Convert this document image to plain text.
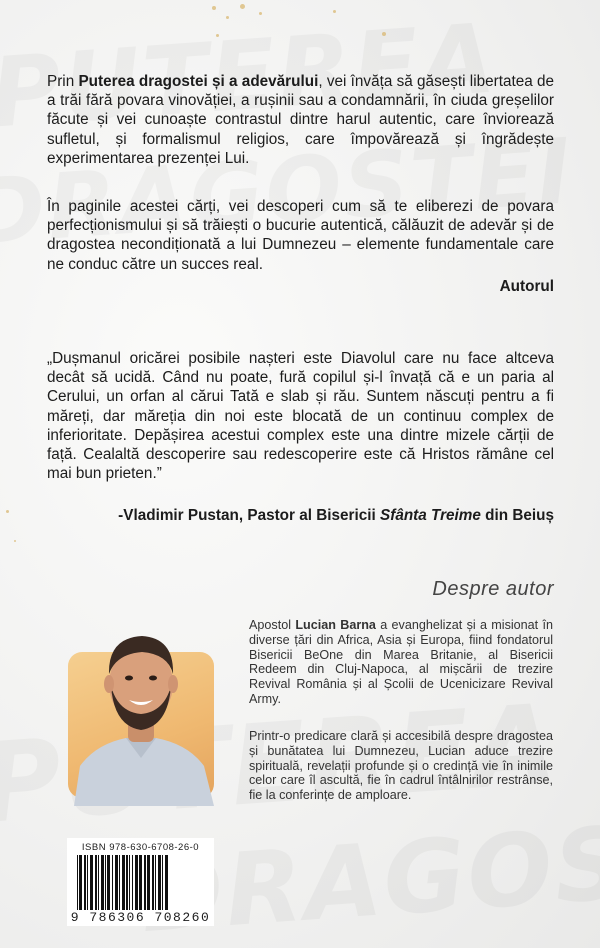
Prin Puterea dragostei și a adevărului, vei învăța să găsești libertatea de a trăi fără povara vinovăției, a rușinii sau a condamnării, în ciuda greșelilor făcute și vei cunoaște contrastul dintre harul autentic, care înviorează sufletul, și formalismul religios, care împovărează și îngrădește experimentarea prezenței Lui.

În paginile acestei cărți, vei descoperi cum să te eliberezi de povara perfecționismului și să trăiești o bucurie autentică, călăuzit de adevăr și de dragostea necondiționată a lui Dumnezeu – elemente fundamentale care ne conduc către un succes real.

Autorul

„Dușmanul oricărei posibile nașteri este Diavolul care nu face altceva decât să ucidă. Când nu poate, fură copilul și-l învață că e un paria al Cerului, un orfan al cărui Tată e slab și rău. Suntem născuți pentru a fi măreți, dar măreția din noi este blocată de un continuu complex de inferioritate. Depășirea acestui complex este una dintre mizele cărții de față. Cealaltă descoperire sau redescoperire este că Hristos rămâne cel mai bun prieten.”

-Vladimir Pustan, Pastor al Bisericii Sfânta Treime din Beiuș

Despre autor

Apostol Lucian Barna a evanghelizat și a misionat în diverse țări din Africa, Asia și Europa, fiind fondatorul Bisericii BeOne din Marea Britanie, al Bisericii Redeem din Cluj-Napoca, al mișcării de trezire Revival România și al Școlii de Ucenicizare Revival Army.

Printr-o predicare clară și accesibilă despre dragostea și bunătatea lui Dumnezeu, Lucian aduce trezire spirituală, revelații profunde și o credință vie în inimile celor care îl ascultă, fie în cadrul întâlnirilor restrânse, fie la conferințe de amploare.

ISBN 978-630-6708-26-0
9 786306 708260
